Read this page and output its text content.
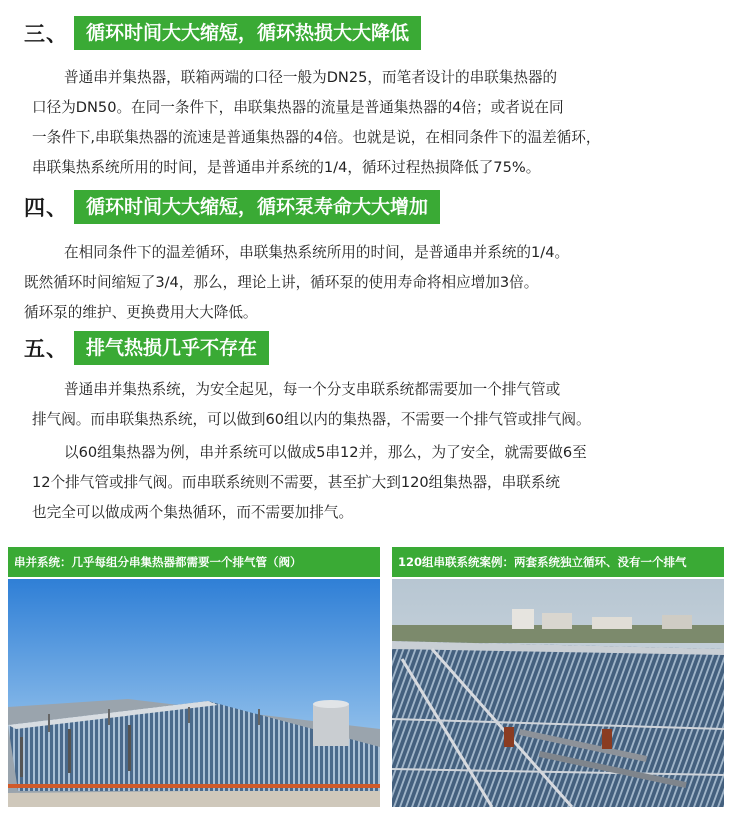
三、 循环时间大大缩短，循环热损大大降低
普通串并集热器，联箱两端的口径一般为DN25，而笔者设计的串联集热器的
口径为DN50。在同一条件下，串联集热器的流量是普通集热器的4倍；或者说在同
一条件下,串联集热器的流速是普通集热器的4倍。也就是说，在相同条件下的温差循环，
串联集热系统所用的时间，是普通串并系统的1/4，循环过程热损降低了75%。
四、 循环时间大大缩短，循环泵寿命大大增加
在相同条件下的温差循环，串联集热系统所用的时间，是普通串并系统的1/4。
既然循环时间缩短了3/4，那么，理论上讲，循环泵的使用寿命将相应增加3倍。
循环泵的维护、更换费用大大降低。
五、 排气热损几乎不存在
普通串并集热系统，为安全起见，每一个分支串联系统都需要加一个排气管或
排气阀。而串联集热系统，可以做到60组以内的集热器，不需要一个排气管或排气阀。
以60组集热器为例，串并系统可以做成5串12并，那么，为了安全，就需要做6至
12个排气管或排气阀。而串联系统则不需要，甚至扩大到120组集热器，串联系统
也完全可以做成两个集热循环，而不需要加排气。
串并系统：几乎每组分串集热器都需要一个排气管（阀）	120组串联系统案例：两套系统独立循环、没有一个排气
